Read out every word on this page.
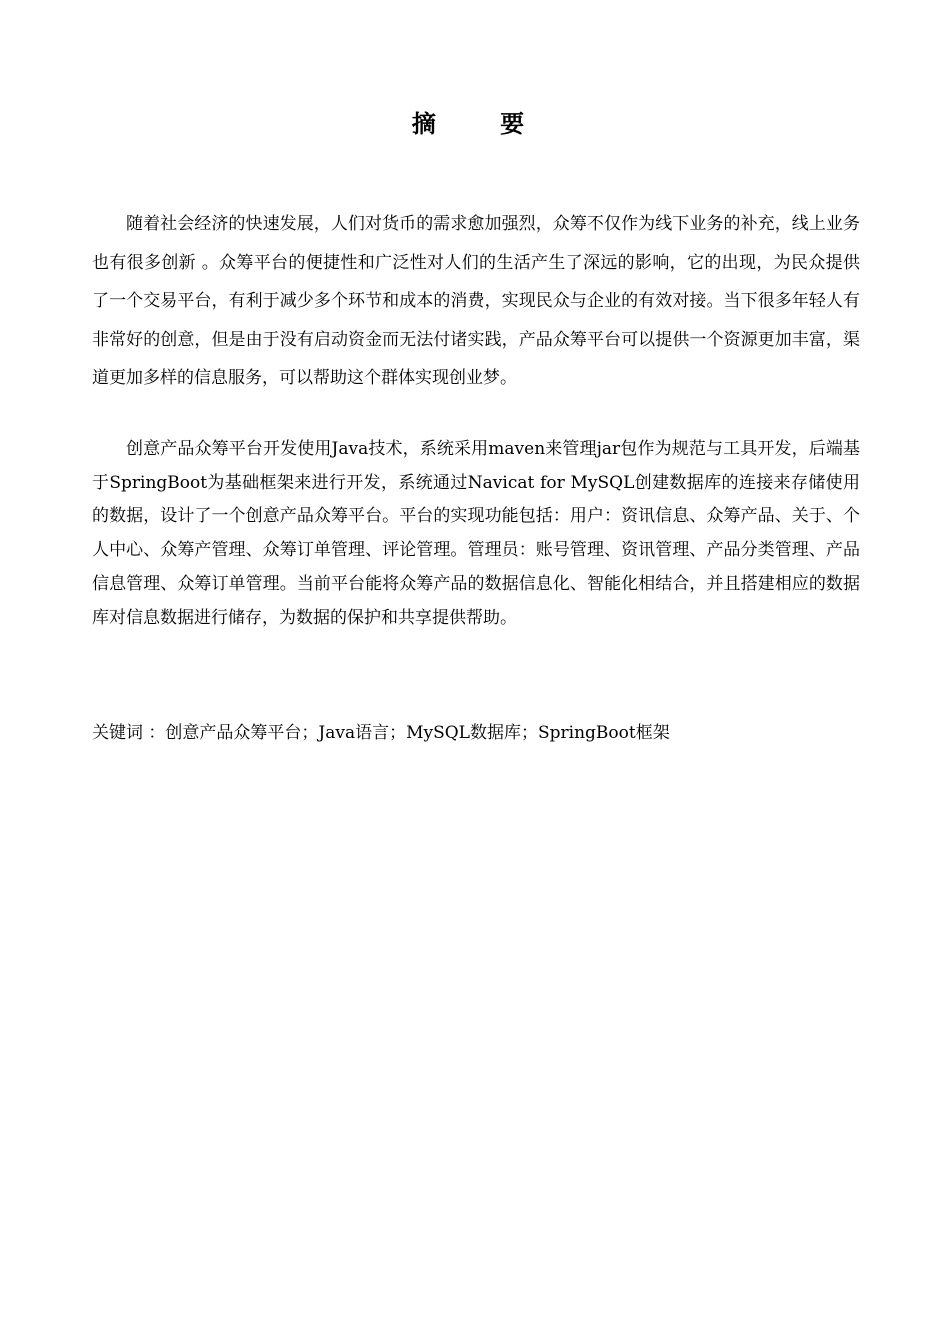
摘 要

随着社会经济的快速发展，人们对货币的需求愈加强烈，众筹不仅作为线下业务的补充，线上业务也有很多创新 。众筹平台的便捷性和广泛性对人们的生活产生了深远的影响，它的出现，为民众提供了一个交易平台，有利于减少多个环节和成本的消费，实现民众与企业的有效对接。当下很多年轻人有非常好的创意，但是由于没有启动资金而无法付诸实践，产品众筹平台可以提供一个资源更加丰富，渠道更加多样的信息服务，可以帮助这个群体实现创业梦。

创意产品众筹平台开发使用Java技术，系统采用maven来管理jar包作为规范与工具开发，后端基于SpringBoot为基础框架来进行开发，系统通过Navicat for MySQL创建数据库的连接来存储使用的数据，设计了一个创意产品众筹平台。平台的实现功能包括：用户：资讯信息、众筹产品、关于、个人中心、众筹产管理、众筹订单管理、评论管理。管理员：账号管理、资讯管理、产品分类管理、产品信息管理、众筹订单管理。当前平台能将众筹产品的数据信息化、智能化相结合，并且搭建相应的数据库对信息数据进行储存，为数据的保护和共享提供帮助。

关键词 ：创意产品众筹平台；Java语言；MySQL数据库；SpringBoot框架
